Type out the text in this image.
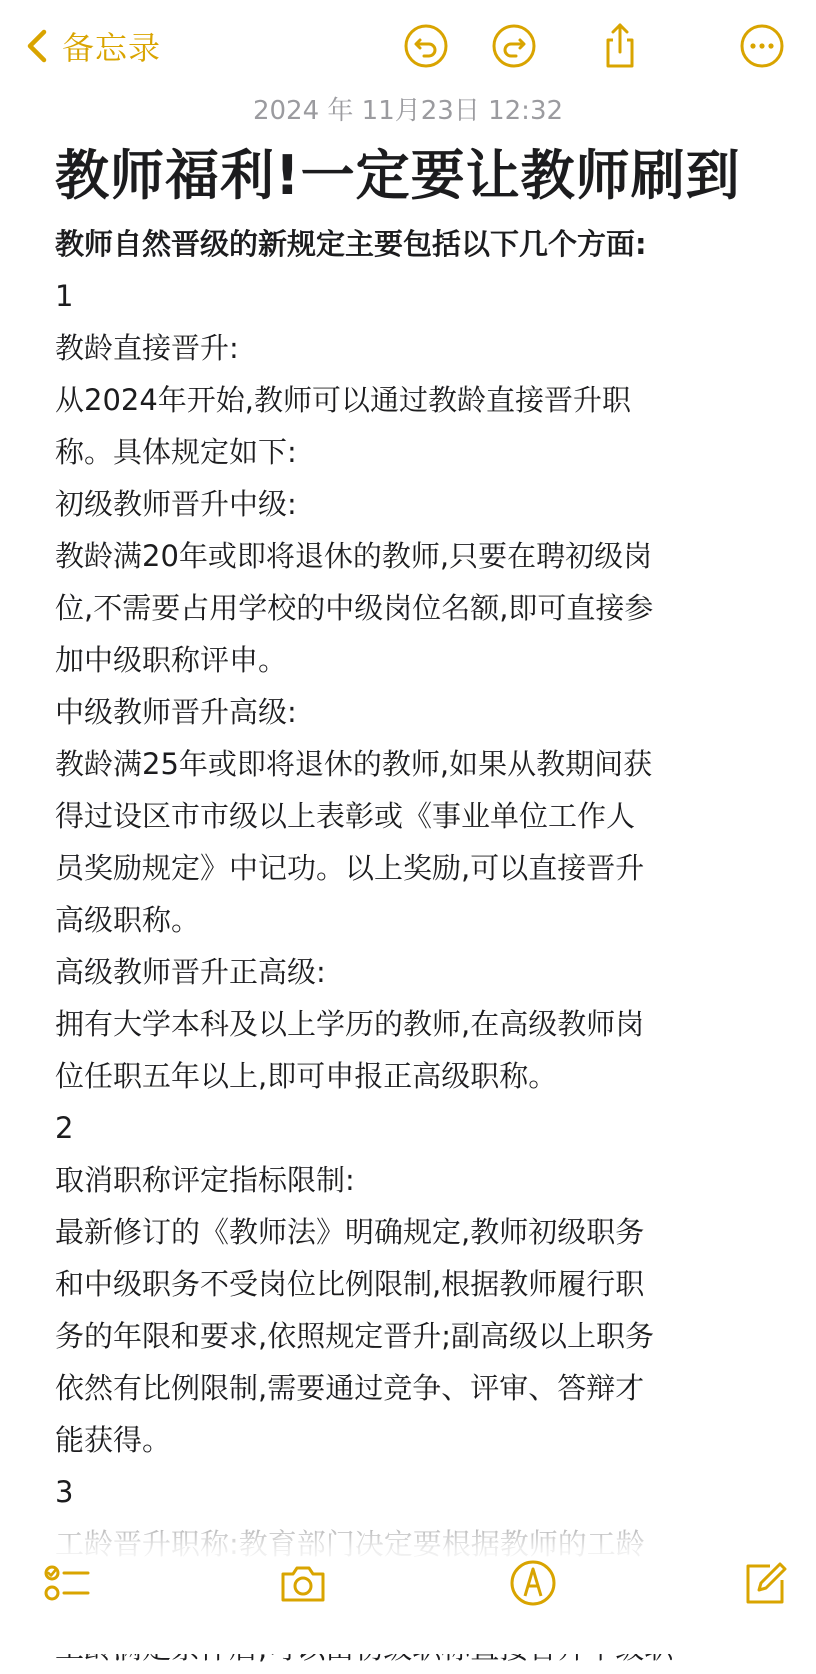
备忘录
2024 年 11月23日 12:32
教师福利!一定要让教师刷到
教师自然晋级的新规定主要包括以下几个方面:

1

教龄直接晋升:

从2024年开始,教师可以通过教龄直接晋升职

称。具体规定如下:

初级教师晋升中级:

教龄满20年或即将退休的教师,只要在聘初级岗

位,不需要占用学校的中级岗位名额,即可直接参

加中级职称评申。

中级教师晋升高级:

教龄满25年或即将退休的教师,如果从教期间获

得过设区市市级以上表彰或《事业单位工作人

员奖励规定》中记功。以上奖励,可以直接晋升

高级职称。

高级教师晋升正高级:

拥有大学本科及以上学历的教师,在高级教师岗

位任职五年以上,即可申报正高级职称。

2

取消职称评定指标限制:

最新修订的《教师法》明确规定,教师初级职务

和中级职务不受岗位比例限制,根据教师履行职

务的年限和要求,依照规定晋升;副高级以上职务

依然有比例限制,需要通过竞争、评审、答辩才

能获得。

3
